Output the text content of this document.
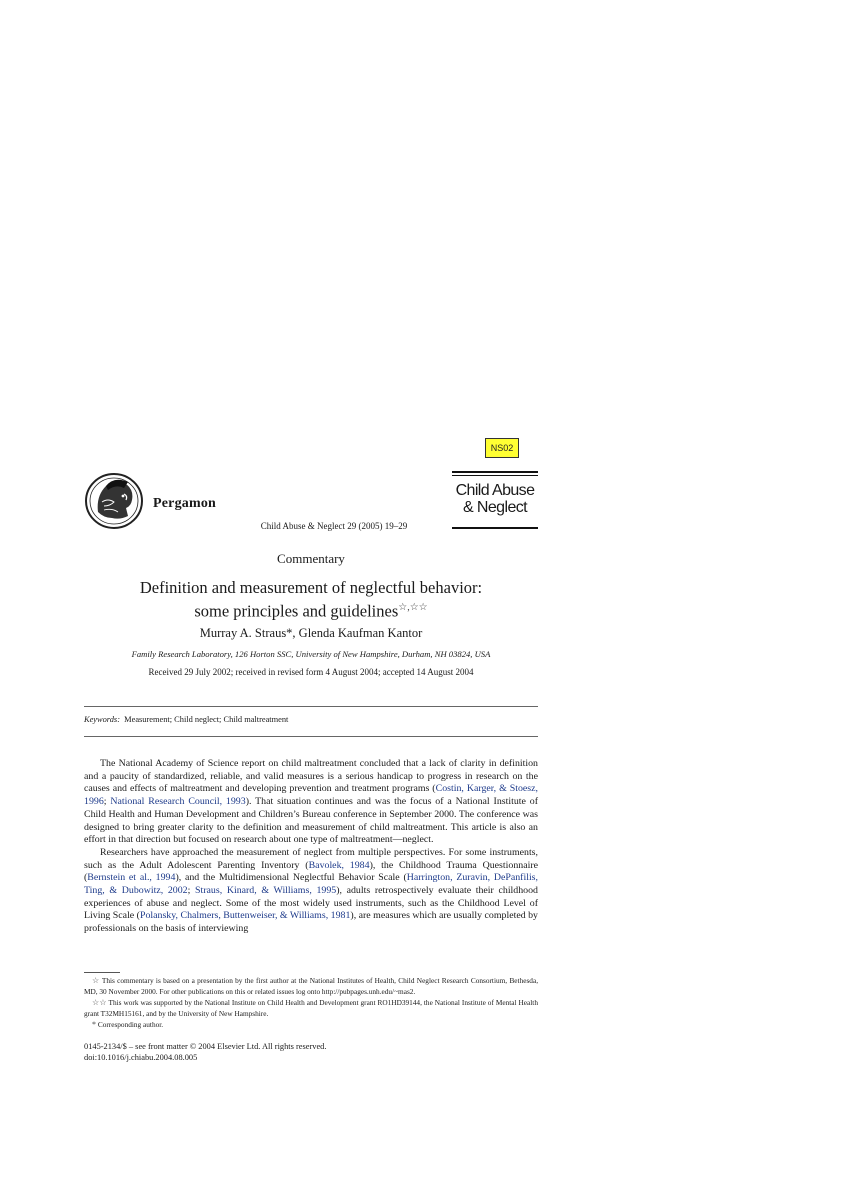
NS02
Pergamon
Child Abuse & Neglect 29 (2005) 19–29
Child Abuse
& Neglect
Commentary
Definition and measurement of neglectful behavior:
some principles and guidelines☆,☆☆
Murray A. Straus*, Glenda Kaufman Kantor
Family Research Laboratory, 126 Horton SSC, University of New Hampshire, Durham, NH 03824, USA
Received 29 July 2002; received in revised form 4 August 2004; accepted 14 August 2004
Keywords: Measurement; Child neglect; Child maltreatment

The National Academy of Science report on child maltreatment concluded that a lack of clarity in definition and a paucity of standardized, reliable, and valid measures is a serious handicap to progress in research on the causes and effects of maltreatment and developing prevention and treatment programs (Costin, Karger, & Stoesz, 1996; National Research Council, 1993). That situation continues and was the focus of a National Institute of Child Health and Human Development and Children’s Bureau conference in September 2000. The conference was designed to bring greater clarity to the definition and measurement of child maltreatment. This article is also an effort in that direction but focused on research about one type of maltreatment—neglect.

Researchers have approached the measurement of neglect from multiple perspectives. For some instruments, such as the Adult Adolescent Parenting Inventory (Bavolek, 1984), the Childhood Trauma Questionnaire (Bernstein et al., 1994), and the Multidimensional Neglectful Behavior Scale (Harrington, Zuravin, DePanfilis, Ting, & Dubowitz, 2002; Straus, Kinard, & Williams, 1995), adults retrospectively evaluate their childhood experiences of abuse and neglect. Some of the most widely used instruments, such as the Childhood Level of Living Scale (Polansky, Chalmers, Buttenweiser, & Williams, 1981), are measures which are usually completed by professionals on the basis of interviewing

☆ This commentary is based on a presentation by the first author at the National Institutes of Health, Child Neglect Research Consortium, Bethesda, MD, 30 November 2000. For other publications on this or related issues log onto http://pubpages.unh.edu/~mas2.

☆☆ This work was supported by the National Institute on Child Health and Development grant RO1HD39144, the National Institute of Mental Health grant T32MH15161, and by the University of New Hampshire.

* Corresponding author.

0145-2134/$ – see front matter © 2004 Elsevier Ltd. All rights reserved.
doi:10.1016/j.chiabu.2004.08.005
